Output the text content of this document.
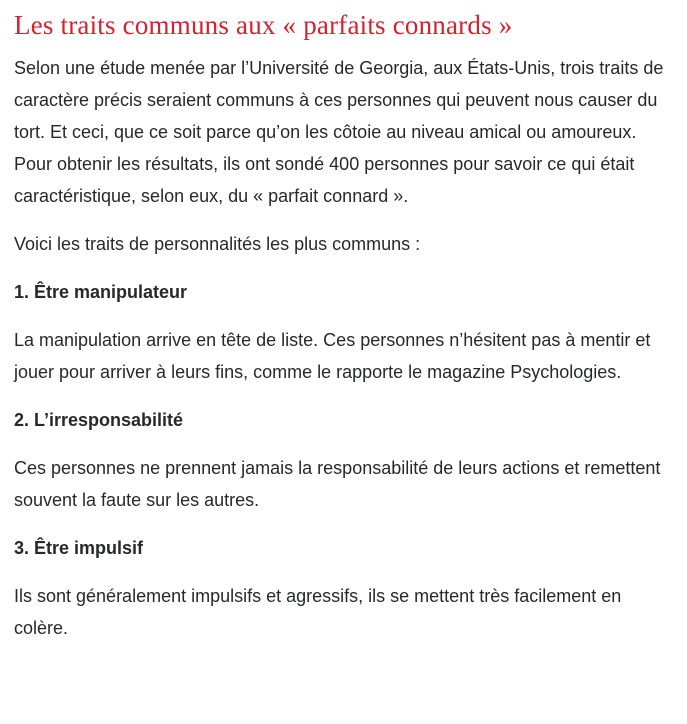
Les traits communs aux « parfaits connards »

Selon une étude menée par l’Université de Georgia, aux États-Unis, trois traits de caractère précis seraient communs à ces personnes qui peuvent nous causer du tort. Et ceci, que ce soit parce qu’on les côtoie au niveau amical ou amoureux. Pour obtenir les résultats, ils ont sondé 400 personnes pour savoir ce qui était caractéristique, selon eux, du « parfait connard ».

Voici les traits de personnalités les plus communs :

1. Être manipulateur

La manipulation arrive en tête de liste. Ces personnes n’hésitent pas à mentir et jouer pour arriver à leurs fins, comme le rapporte le magazine Psychologies.

2. L’irresponsabilité

Ces personnes ne prennent jamais la responsabilité de leurs actions et remettent souvent la faute sur les autres.

3. Être impulsif

Ils sont généralement impulsifs et agressifs, ils se mettent très facilement en colère.
